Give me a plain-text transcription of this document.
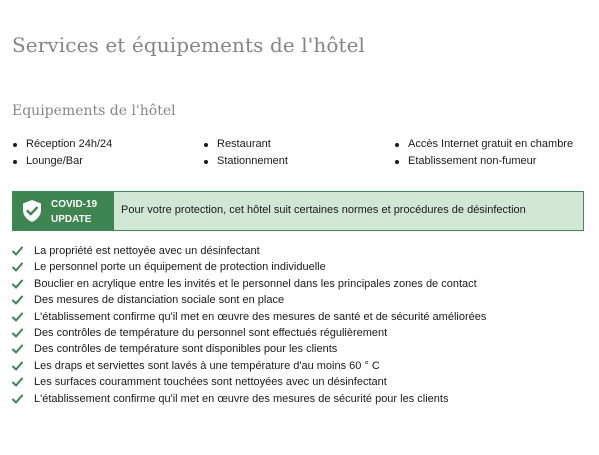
Services et équipements de l'hôtel
Equipements de l'hôtel
Réception 24h/24
Lounge/Bar
Restaurant
Stationnement
Accès Internet gratuit en chambre
Etablissement non-fumeur
COVID-19
UPDATE
Pour votre protection, cet hôtel suit certaines normes et procédures de désinfection
La propriété est nettoyée avec un désinfectant
Le personnel porte un équipement de protection individuelle
Bouclier en acrylique entre les invités et le personnel dans les principales zones de contact
Des mesures de distanciation sociale sont en place
L'établissement confirme qu'il met en œuvre des mesures de santé et de sécurité améliorées
Des contrôles de température du personnel sont effectués régulièrement
Des contrôles de température sont disponibles pour les clients
Les draps et serviettes sont lavés à une température d'au moins 60 ° C
Les surfaces couramment touchées sont nettoyées avec un désinfectant
L'établissement confirme qu'il met en œuvre des mesures de sécurité pour les clients
